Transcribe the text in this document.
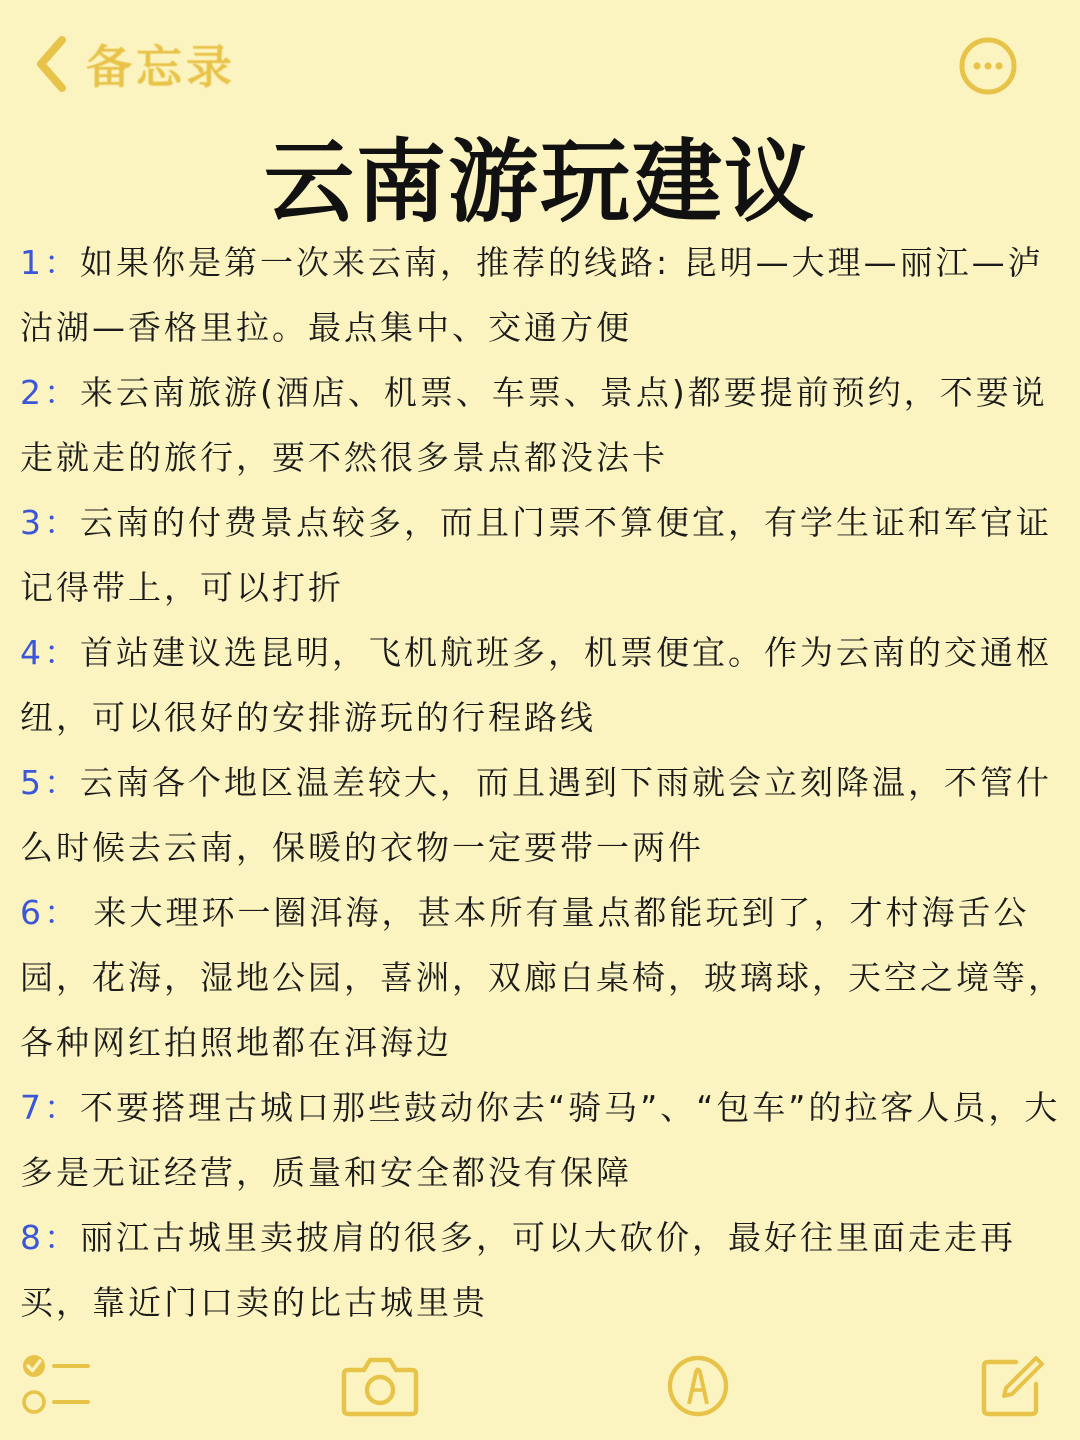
备忘录
云南游玩建议

1：如果你是第一次来云南，推荐的线路: 昆明—大理—丽江—泸沽湖—香格里拉。最点集中、交通方便

2：来云南旅游(酒店、机票、车票、景点)都要提前预约，不要说走就走的旅行，要不然很多景点都没法卡

3：云南的付费景点较多，而且门票不算便宜，有学生证和军官证记得带上，可以打折

4：首站建议选昆明，飞机航班多，机票便宜。作为云南的交通枢纽，可以很好的安排游玩的行程路线

5：云南各个地区温差较大，而且遇到下雨就会立刻降温，不管什么时候去云南，保暖的衣物一定要带一两件

6： 来大理环一圈洱海，甚本所有量点都能玩到了，才村海舌公园，花海，湿地公园，喜洲，双廊白桌椅，玻璃球，天空之境等，各种网红拍照地都在洱海边

7：不要搭理古城口那些鼓动你去“骑马”、“包车”的拉客人员，大多是无证经营，质量和安全都没有保障

8：丽江古城里卖披肩的很多，可以大砍价，最好往里面走走再买，靠近门口卖的比古城里贵
